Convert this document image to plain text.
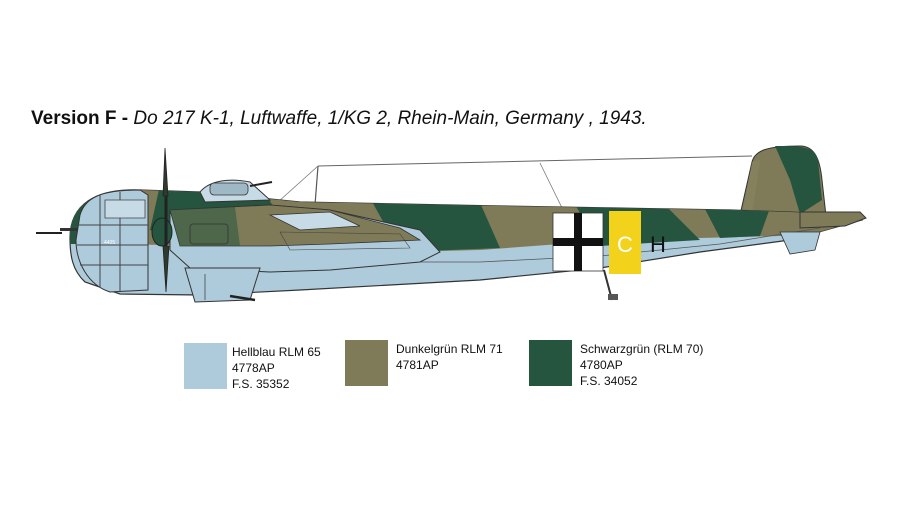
Version F - Do 217 K-1, Luftwaffe, 1/KG 2, Rhein-Main, Germany , 1943.
4405	C H
Hellblau RLM 65
4778AP
F.S. 35352
Dunkelgrün RLM 71
4781AP
Schwarzgrün (RLM 70)
4780AP
F.S. 34052
